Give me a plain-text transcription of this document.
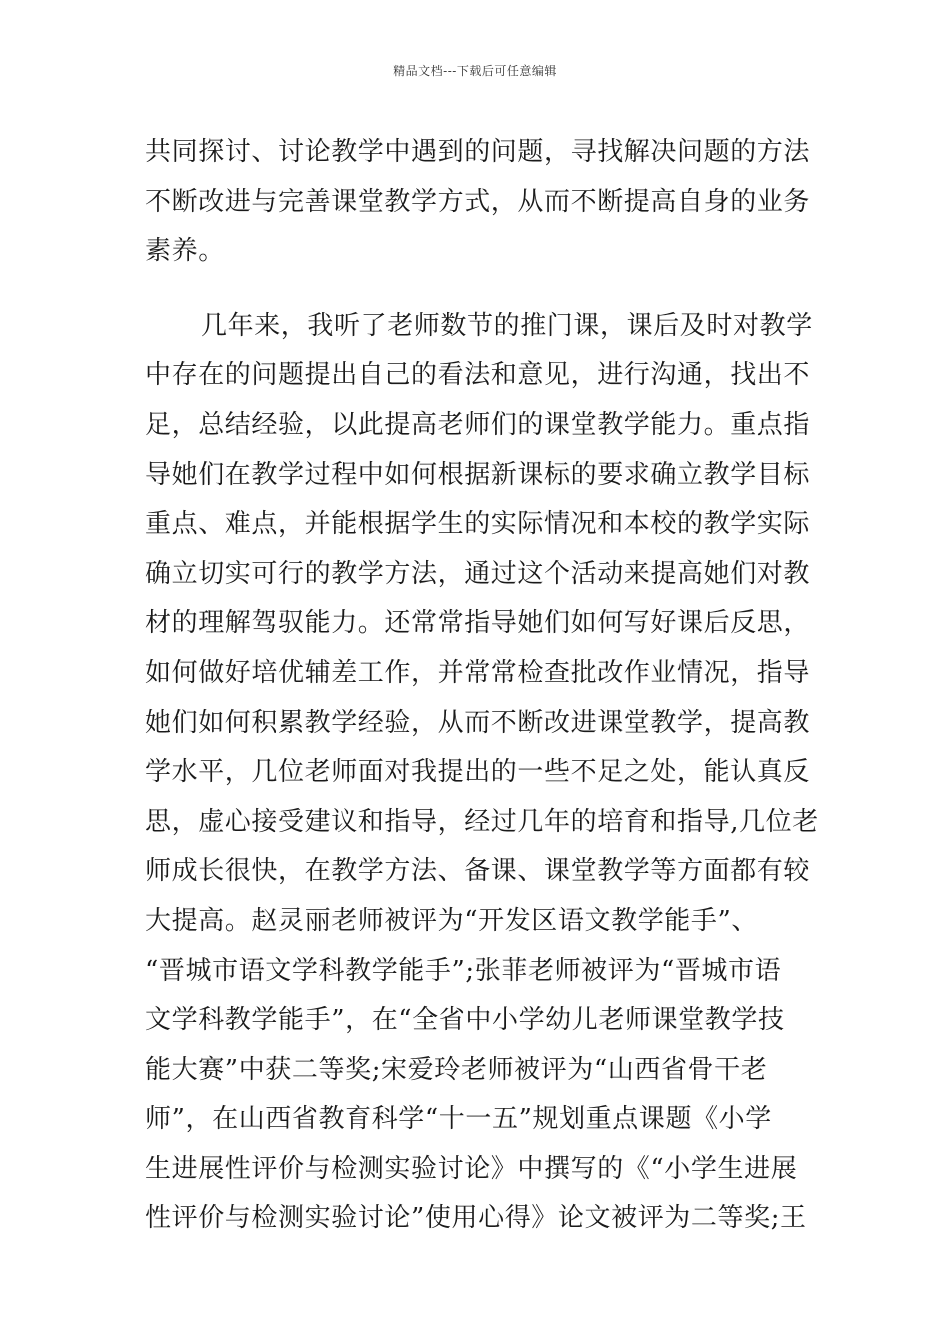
精品文档---下载后可任意编辑
共同探讨、讨论教学中遇到的问题，寻找解决问题的方法
不断改进与完善课堂教学方式，从而不断提高自身的业务
素养。
几年来，我听了老师数节的推门课，课后及时对教学
中存在的问题提出自己的看法和意见，进行沟通，找出不
足，总结经验，以此提高老师们的课堂教学能力。重点指
导她们在教学过程中如何根据新课标的要求确立教学目标
重点、难点，并能根据学生的实际情况和本校的教学实际
确立切实可行的教学方法，通过这个活动来提高她们对教
材的理解驾驭能力。还常常指导她们如何写好课后反思，
如何做好培优辅差工作，并常常检查批改作业情况，指导
她们如何积累教学经验，从而不断改进课堂教学，提高教
学水平，几位老师面对我提出的一些不足之处，能认真反
思，虚心接受建议和指导，经过几年的培育和指导,几位老
师成长很快，在教学方法、备课、课堂教学等方面都有较
大提高。赵灵丽老师被评为“开发区语文教学能手”、
“晋城市语文学科教学能手”;张菲老师被评为“晋城市语
文学科教学能手”，在“全省中小学幼儿老师课堂教学技
能大赛”中获二等奖;宋爱玲老师被评为“山西省骨干老
师”，在山西省教育科学“十一五”规划重点课题《小学
生进展性评价与检测实验讨论》中撰写的《“小学生进展
性评价与检测实验讨论”使用心得》论文被评为二等奖;王
